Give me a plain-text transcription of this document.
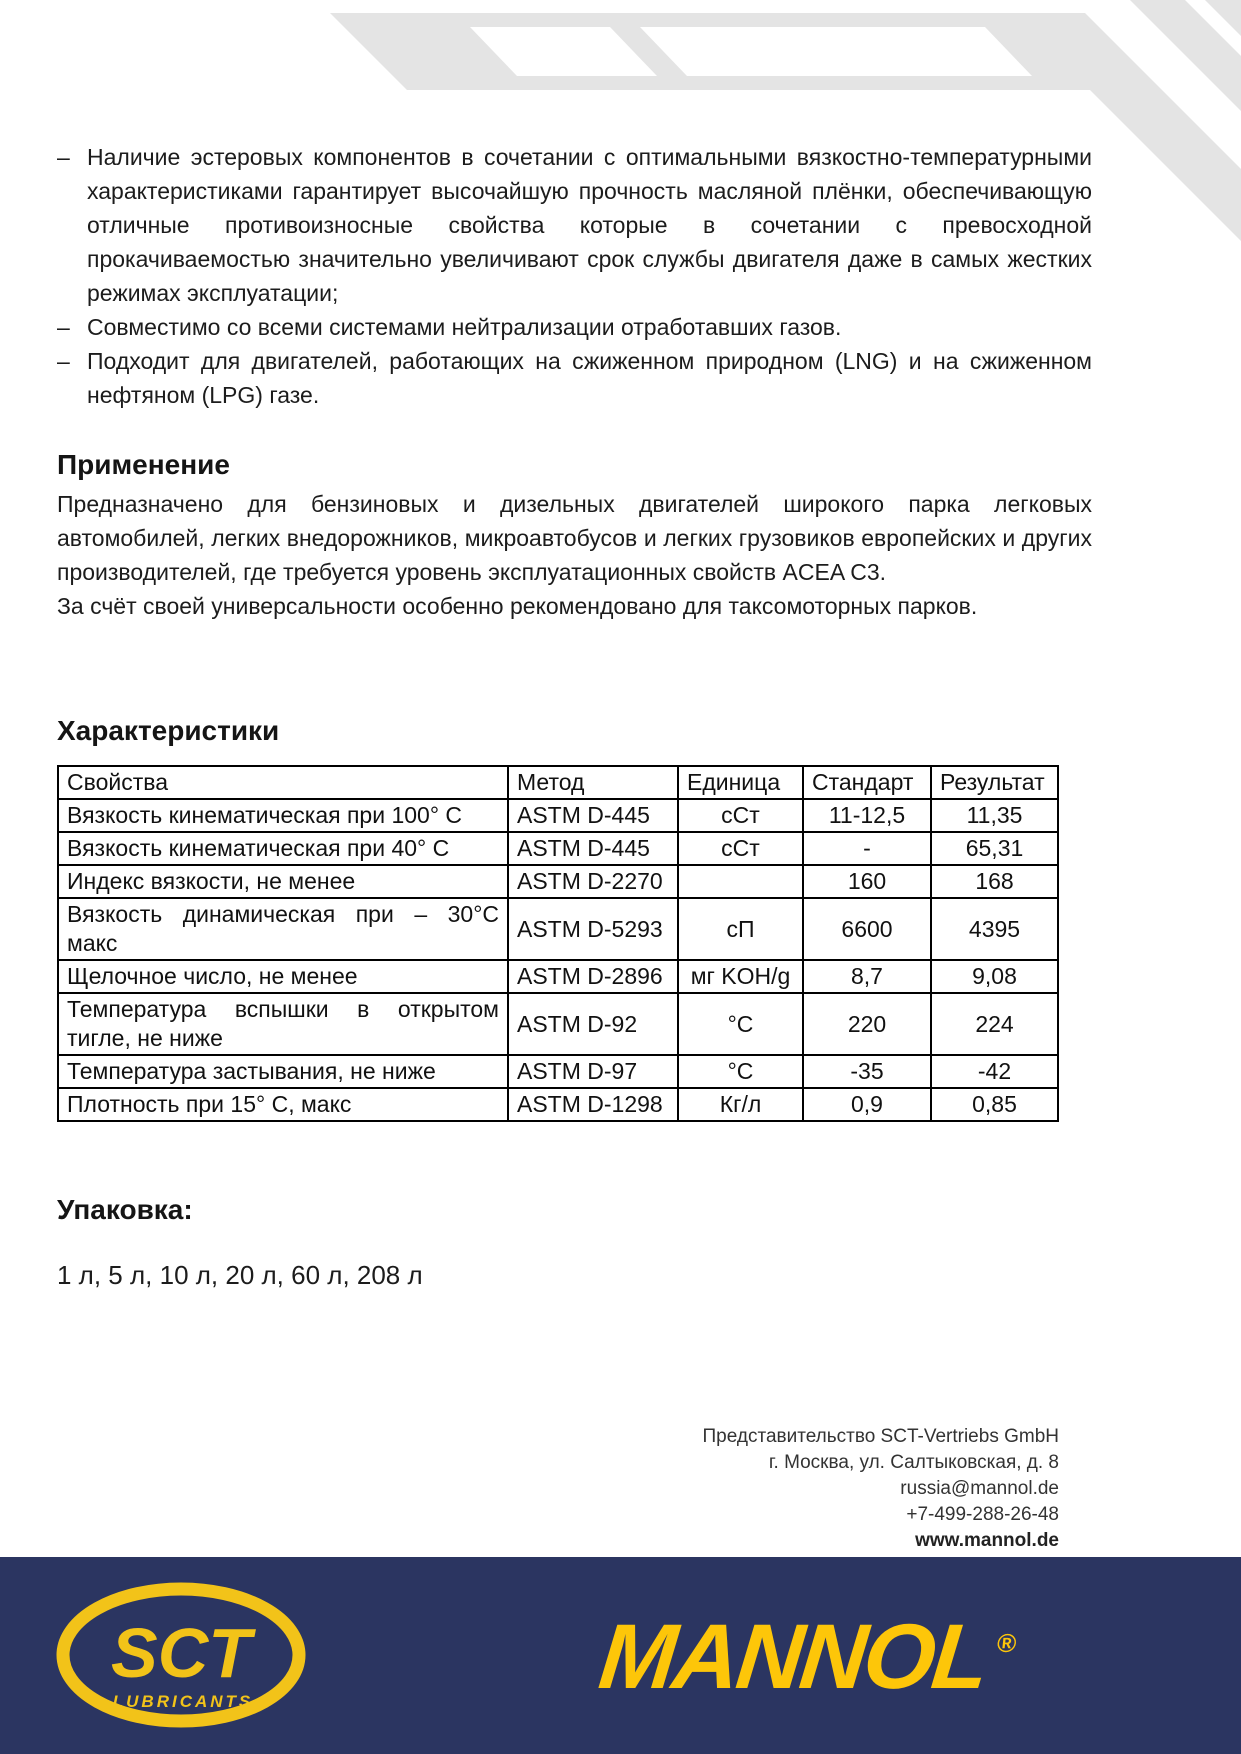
– Наличие эстеровых компонентов в сочетании с оптимальными вязкостно-температурными характеристиками гарантирует высочайшую прочность масляной плёнки, обеспечивающую отличные противоизносные свойства которые в сочетании с превосходной прокачиваемостью значительно увеличивают срок службы двигателя даже в самых жестких режимах эксплуатации;
– Совместимо со всеми системами нейтрализации отработавших газов.
– Подходит для двигателей, работающих на сжиженном природном (LNG) и на сжиженном нефтяном (LPG) газе.
Применение

Предназначено для бензиновых и дизельных двигателей широкого парка легковых автомобилей, легких внедорожников, микроавтобусов и легких грузовиков европейских и других производителей, где требуется уровень эксплуатационных свойств ACEA C3.

За счёт своей универсальности особенно рекомендовано для таксомоторных парков.

Характеристики
Свойства	Метод	Единица	Стандарт	Результат
Вязкость кинематическая при 100° C	ASTM D-445	сСт	11-12,5	11,35
Вязкость кинематическая при 40° C	ASTM D-445	сСт	-	65,31
Индекс вязкости, не менее	ASTM D-2270		160	168
Вязкость динамическая при – 30°C макс	ASTM D-5293	сП	6600	4395
Щелочное число, не менее	ASTM D-2896	мг KOH/g	8,7	9,08
Температура вспышки в открытом тигле, не ниже	ASTM D-92	°C	220	224
Температура застывания, не ниже	ASTM D-97	°C	-35	-42
Плотность при 15° C, макс	ASTM D-1298	Кг/л	0,9	0,85
Упаковка:
1 л, 5 л, 10 л, 20 л, 60 л, 208 л
Представительство SCT-Vertriebs GmbH
г. Москва, ул. Салтыковская, д. 8
russia@mannol.de
+7-499-288-26-48
www.mannol.de
SCT
LUBRICANTS	MANNOL ®
